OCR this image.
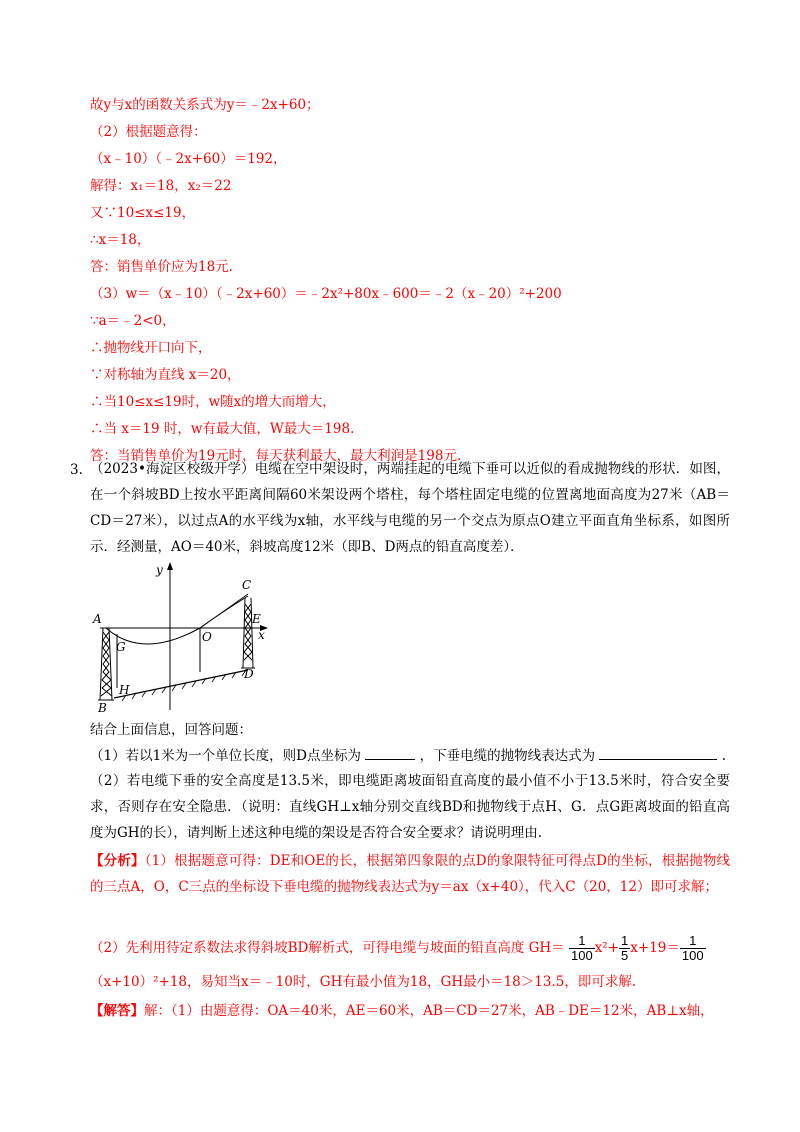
故y与x的函数关系式为y＝﹣2x+60；
（2）根据题意得：
（x﹣10）（﹣2x+60）＝192，
解得：x₁＝18，x₂＝22
又∵10≤x≤19，
∴x＝18，
答：销售单价应为18元.
（3）w＝（x﹣10）（﹣2x+60）＝﹣2x²+80x﹣600＝﹣2（x﹣20）²+200
∵a＝﹣2<0，
∴抛物线开口向下，
∵对称轴为直线 x＝20，
∴当10≤x≤19时，w随x的增大而增大，
∴当 x＝19 时，w有最大值，W最大＝198.
答：当销售单价为19元时，每天获利最大，最大利润是198元.
3. （2023•海淀区校级开学）电缆在空中架设时，两端挂起的电缆下垂可以近似的看成抛物线的形状．如图，在一个斜坡BD上按水平距离间隔60米架设两个塔柱，每个塔柱固定电缆的位置离地面高度为27米（AB＝CD＝27米），以过点A的水平线为x轴，水平线与电缆的另一个交点为原点O建立平面直角坐标系，如图所示．经测量，AO＝40米，斜坡高度12米（即B、D两点的铅直高度差）．
y
x
A
B
C
D
E
G
H
O
结合上面信息，回答问题：
（1）若以1米为一个单位长度，则D点坐标为	，下垂电缆的抛物线表达式为	.
（2）若电缆下垂的安全高度是13.5米，即电缆距离坡面铅直高度的最小值不小于13.5米时，符合安全要求，否则存在安全隐患．（说明：直线GH⊥x轴分别交直线BD和抛物线于点H、G．点G距离坡面的铅直高度为GH的长），请判断上述这种电缆的架设是否符合安全要求？请说明理由.
【分析】（1）根据题意可得：DE和OE的长，根据第四象限的点D的象限特征可得点D的坐标，根据抛物线的三点A，O，C三点的坐标设下垂电缆的抛物线表达式为y＝ax（x+40），代入C（20，12）即可求解；
（2）先利用待定系数法求得斜坡BD解析式，可得电缆与坡面的铅直高度 $GH= \frac{1}{100} x^2+ \frac{1}{5} x+19= \frac{1}{100}$
（x+10）²+18，易知当x＝﹣10时，GH有最小值为18，GH最小＝18＞13.5，即可求解.
【解答】解：（1）由题意得：OA＝40米，AE＝60米，AB＝CD＝27米，AB﹣DE＝12米，AB⊥x轴，
